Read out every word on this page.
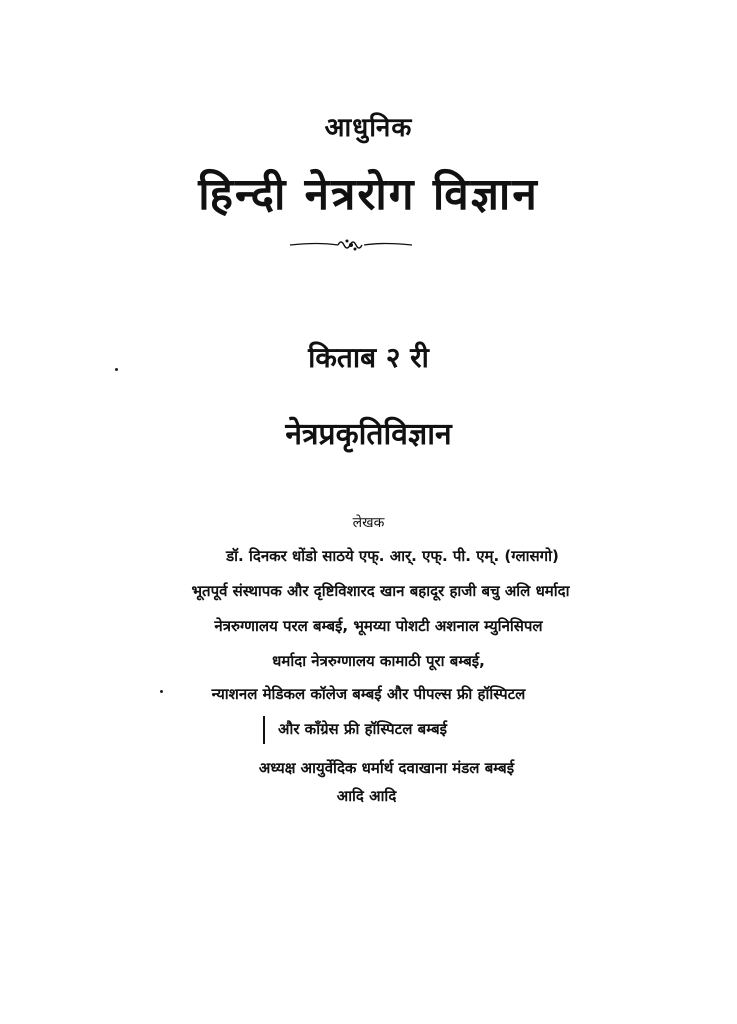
आधुनिक
हिन्दी नेत्ररोग विज्ञान
किताब २ री
नेत्रप्रकृतिविज्ञान
लेखक
डॉ. दिनकर धोंडो साठये एफ्. आर्. एफ्. पी. एम्. (ग्लासगो)
भूतपूर्व संस्थापक और दृष्टिविशारद खान बहादूर हाजी बचु अलि धर्मादा
नेत्ररुग्णालय परल बम्बई, भूमय्या पोशटी अशनाल म्युनिसिपल
धर्मादा नेत्ररुग्णालय कामाठी पूरा बम्बई,
न्याशनल मेडिकल कॉलेज बम्बई और पीपल्स फ्री हॉस्पिटल
और कॉंग्रेस फ्री हॉस्पिटल बम्बई
अध्यक्ष आयुर्वेदिक धर्मार्थ दवाखाना मंडल बम्बई
आदि आदि
